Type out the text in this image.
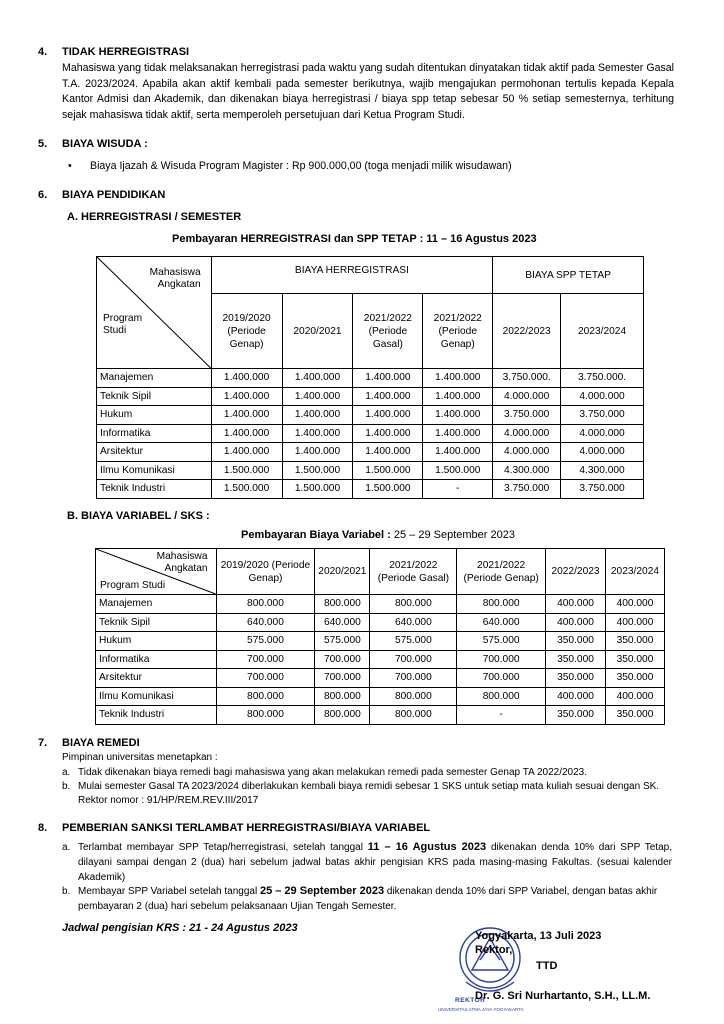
4. TIDAK HERREGISTRASI
Mahasiswa yang tidak melaksanakan herregistrasi pada waktu yang sudah ditentukan dinyatakan tidak aktif pada Semester Gasal T.A. 2023/2024. Apabila akan aktif kembali pada semester berikutnya, wajib mengajukan permohonan tertulis kepada Kepala Kantor Admisi dan Akademik, dan dikenakan biaya herregistrasi / biaya spp tetap sebesar 50 % setiap semesternya, terhitung sejak mahasiswa tidak aktif, serta memperoleh persetujuan dari Ketua Program Studi.
5. BIAYA WISUDA :
• Biaya Ijazah & Wisuda Program Magister : Rp 900.000,00 (toga menjadi milik wisudawan)
6. BIAYA PENDIDIKAN
A. HERREGISTRASI / SEMESTER
Pembayaran HERREGISTRASI dan SPP TETAP : 11 – 16 Agustus 2023
Mahasiswa Angkatan
Program Studi	BIAYA HERREGISTRASI				BIAYA SPP TETAP	
	2019/2020 (Periode Genap)	2020/2021	2021/2022 (Periode Gasal)	2021/2022 (Periode Genap)	2022/2023	2023/2024
Manajemen	1.400.000	1.400.000	1.400.000	1.400.000	3.750.000.	3.750.000.
Teknik Sipil	1.400.000	1.400.000	1.400.000	1.400.000	4.000.000	4.000.000
Hukum	1.400.000	1.400.000	1.400.000	1.400.000	3.750.000	3.750.000
Informatika	1.400.000	1.400.000	1.400.000	1.400.000	4.000.000	4.000.000
Arsitektur	1.400.000	1.400.000	1.400.000	1.400.000	4.000.000	4.000.000
Ilmu Komunikasi	1.500.000	1.500.000	1.500.000	1.500.000	4.300.000	4.300.000
Teknik Industri	1.500.000	1.500.000	1.500.000	-	3.750.000	3.750.000
B. BIAYA VARIABEL / SKS :
Pembayaran Biaya Variabel : 25 – 29 September 2023
Mahasiswa Angkatan
Program Studi	2019/2020 (Periode Genap)	2020/2021	2021/2022 (Periode Gasal)	2021/2022 (Periode Genap)	2022/2023	2023/2024
Manajemen	800.000	800.000	800.000	800.000	400.000	400.000
Teknik Sipil	640.000	640.000	640.000	640.000	400.000	400.000
Hukum	575.000	575.000	575.000	575.000	350.000	350.000
Informatika	700.000	700.000	700.000	700.000	350.000	350.000
Arsitektur	700.000	700.000	700.000	700.000	350.000	350.000
Ilmu Komunikasi	800.000	800.000	800.000	800.000	400.000	400.000
Teknik Industri	800.000	800.000	800.000	-	350.000	350.000
7. BIAYA REMEDI
Pimpinan universitas menetapkan :
a. Tidak dikenakan biaya remedi bagi mahasiswa yang akan melakukan remedi pada semester Genap TA 2022/2023.
b. Mulai semester Gasal TA 2023/2024 diberlakukan kembali biaya remidi sebesar 1 SKS untuk setiap mata kuliah sesuai dengan SK.
Rektor nomor : 91/HP/REM.REV.III/2017
8. PEMBERIAN SANKSI TERLAMBAT HERREGISTRASI/BIAYA VARIABEL
a. Terlambat membayar SPP Tetap/herregistrasi, setelah tanggal 11 – 16 Agustus 2023 dikenakan denda 10% dari SPP Tetap, dilayani sampai dengan 2 (dua) hari sebelum jadwal batas akhir pengisian KRS pada masing-masing Fakultas. (sesuai kalender Akademik)
b. Membayar SPP Variabel setelah tanggal 25 – 29 September 2023 dikenakan denda 10% dari SPP Variabel, dengan batas akhir pembayaran 2 (dua) hari sebelum pelaksanaan Ujian Tengah Semester.
Jadwal pengisian KRS : 21 - 24 Agustus 2023
REKTOR
UNIVERSITAS ATMA JAYA YOGYAKARTA
Yogyakarta, 13 Juli 2023
Rektor,
TTD
Dr. G. Sri Nurhartanto, S.H., LL.M.
